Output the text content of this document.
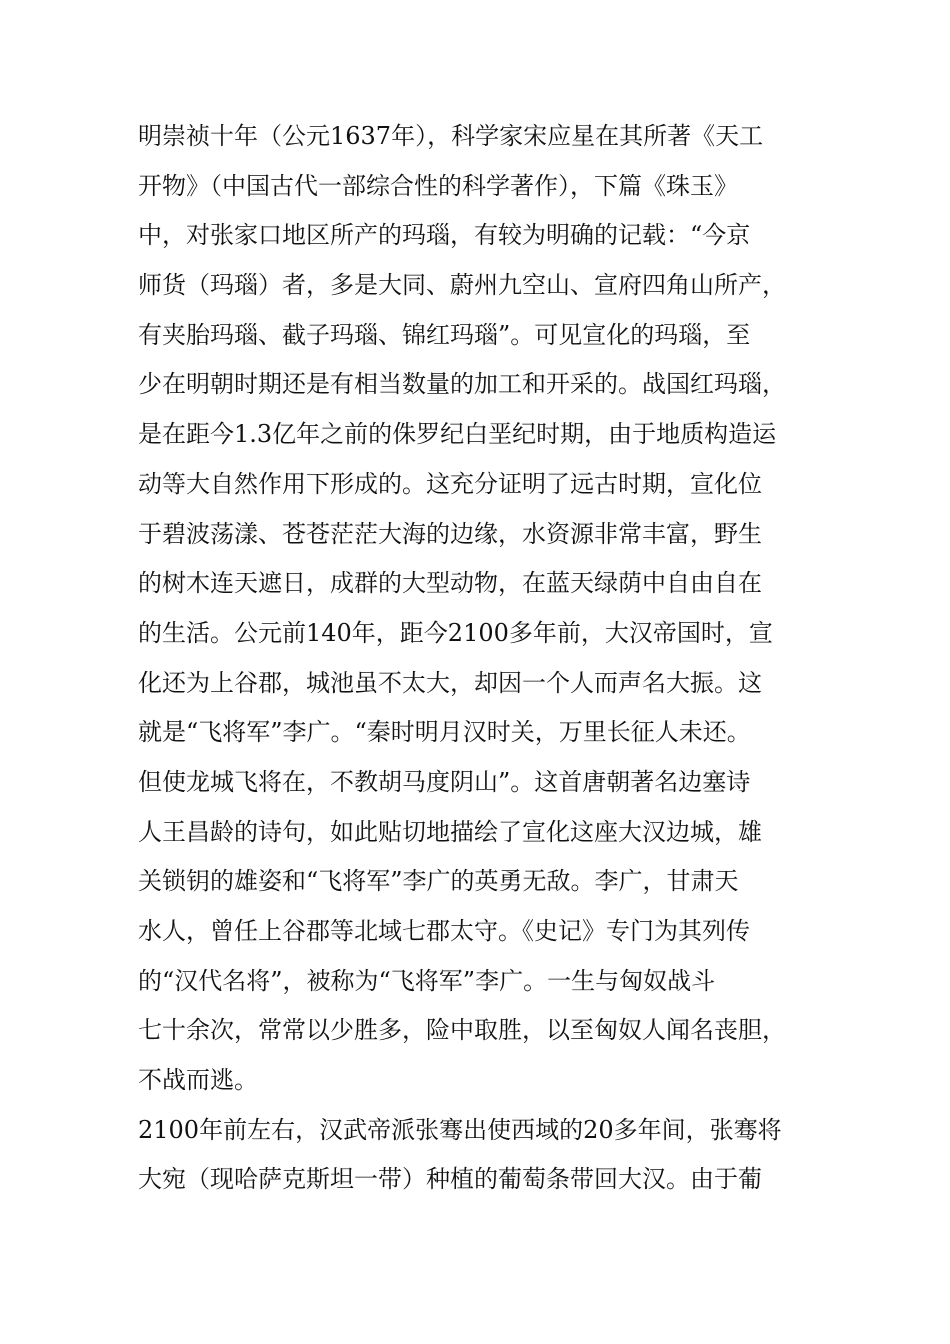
明崇祯十年（公元1637年），科学家宋应星在其所著《天工
开物》（中国古代一部综合性的科学著作），下篇《珠玉》
中，对张家口地区所产的玛瑙，有较为明确的记载：“今京
师货（玛瑙）者，多是大同、蔚州九空山、宣府四角山所产，
有夹胎玛瑙、截子玛瑙、锦红玛瑙”。可见宣化的玛瑙，至
少在明朝时期还是有相当数量的加工和开采的。战国红玛瑙，
是在距今1.3亿年之前的侏罗纪白垩纪时期，由于地质构造运
动等大自然作用下形成的。这充分证明了远古时期，宣化位
于碧波荡漾、苍苍茫茫大海的边缘，水资源非常丰富，野生
的树木连天遮日，成群的大型动物，在蓝天绿荫中自由自在
的生活。公元前140年，距今2100多年前，大汉帝国时，宣
化还为上谷郡，城池虽不太大，却因一个人而声名大振。这
就是“飞将军”李广。“秦时明月汉时关，万里长征人未还。
但使龙城飞将在，不教胡马度阴山”。这首唐朝著名边塞诗
人王昌龄的诗句，如此贴切地描绘了宣化这座大汉边城，雄
关锁钥的雄姿和“飞将军”李广的英勇无敌。李广，甘肃天
水人，曾任上谷郡等北域七郡太守。《史记》专门为其列传
的“汉代名将”，被称为“飞将军”李广。一生与匈奴战斗
七十余次，常常以少胜多，险中取胜，以至匈奴人闻名丧胆，
不战而逃。
2100年前左右，汉武帝派张骞出使西域的20多年间，张骞将
大宛（现哈萨克斯坦一带）种植的葡萄条带回大汉。由于葡
